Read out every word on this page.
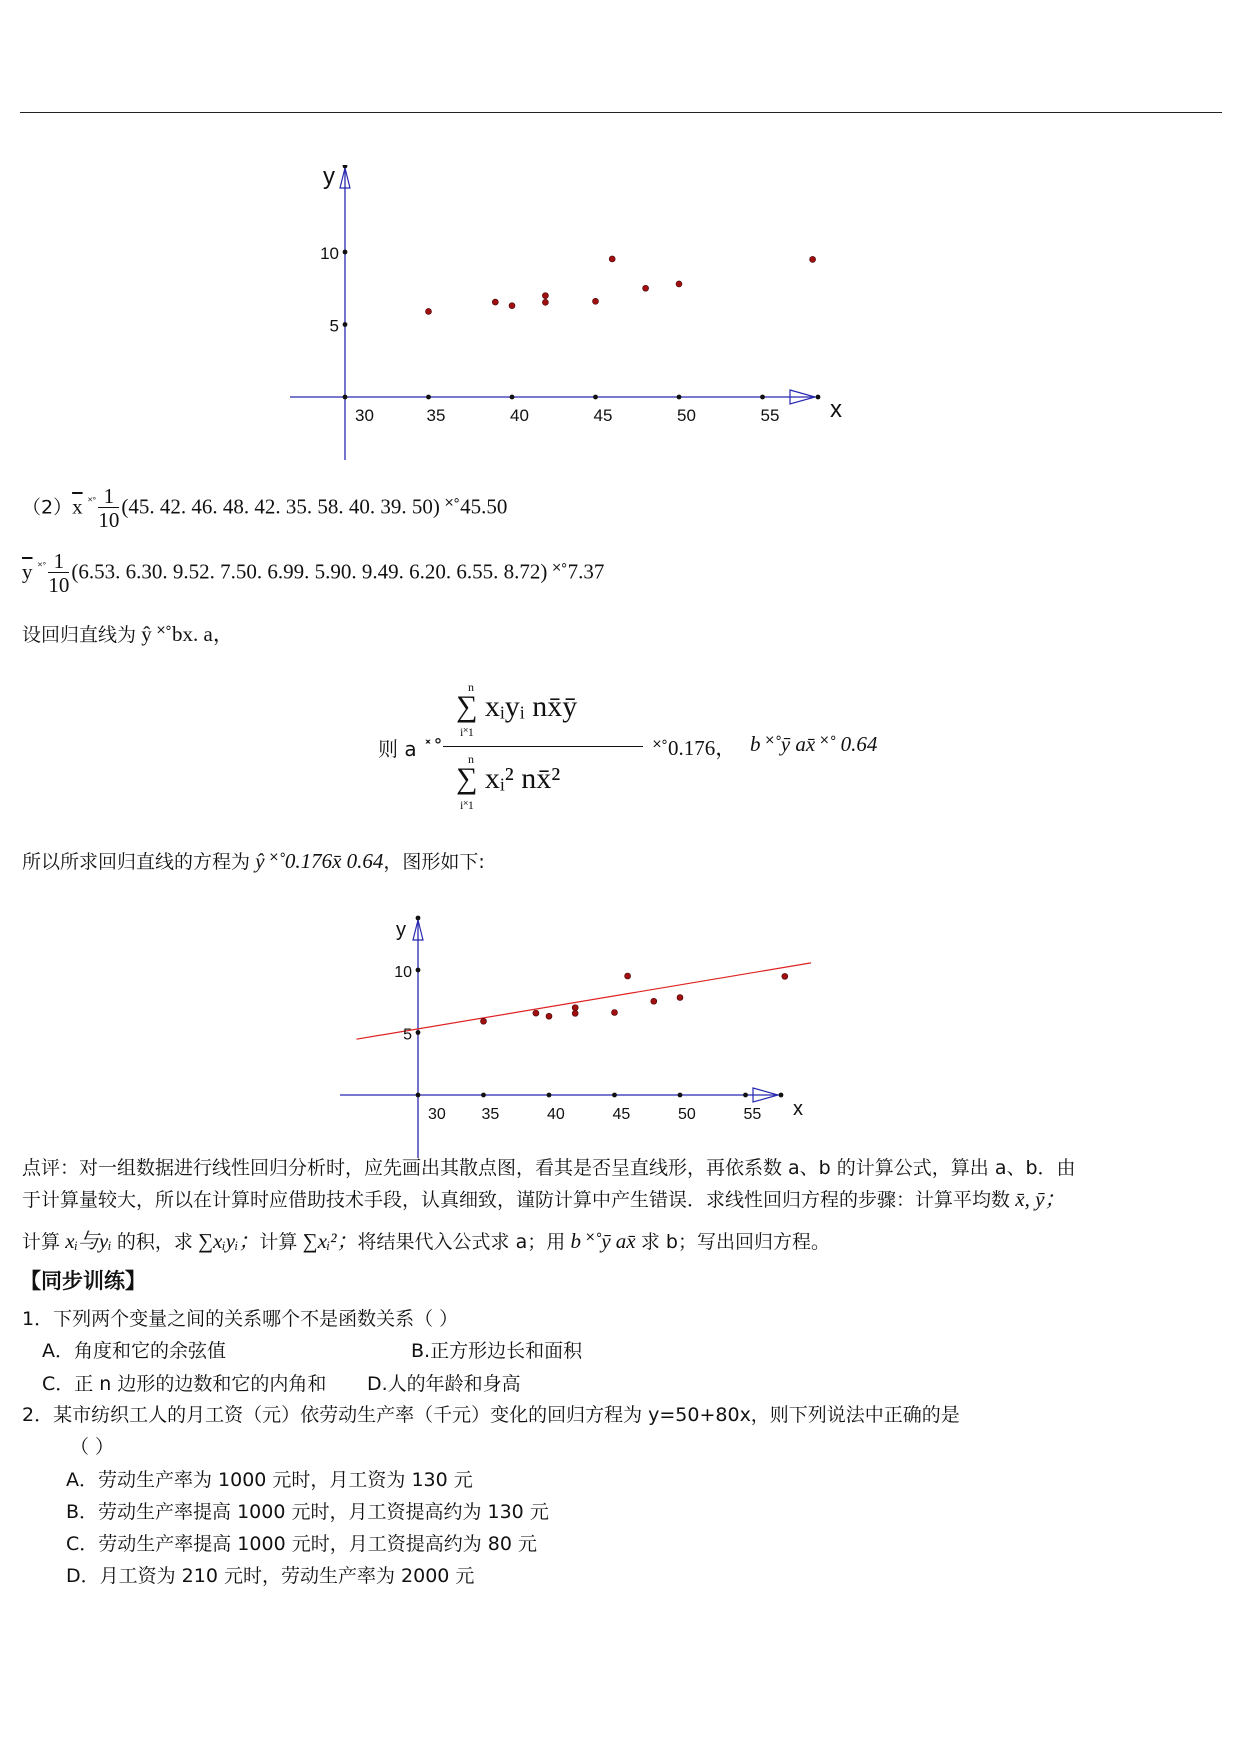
x
y
30	35	40	45	50	55
10
5
x
y
30 35	40	45	50	55
10
5
$(2)\overline{x}$ $^{˟˚} \frac{1}{10} (45$. 42. 46. 48. 42. 35. 58. 40. 39. 50) ˟˚45.50
$\overline{y}$ $^{˟˚} \frac{1}{10} (6.53$. 6.30. 9.52. 7.50. 6.99. 5.90. 9.49. 6.20. 6.55. 8.72) ˟˚7.37
设回归直线为 ŷ ˟˚bx. a，
则 a ˟˚
n
∑ xᵢyᵢ nx̄ȳ
i˟1
n
∑ xᵢ² nx̄²
i˟1
˟˚0.176， b ˟˚ȳ ax̄ ˟˚ 0.64
所以所求回归直线的方程为 ŷ ˟˚0.176x̄ 0.64，图形如下:
点评：对一组数据进行线性回归分析时，应先画出其散点图，看其是否呈直线形，再依系数 a、b 的计算公式，算出 a、b．由
于计算量较大，所以在计算时应借助技术手段，认真细致，谨防计算中产生错误．求线性回归方程的步骤：计算平均数 x̄, ȳ；
计算 xᵢ与yᵢ 的积，求 ∑xᵢyᵢ；计算 ∑xᵢ²；将结果代入公式求 a；用 b ˟˚ȳ ax̄ 求 b；写出回归方程。
【同步训练】
1．下列两个变量之间的关系哪个不是函数关系（ ）
A．角度和它的余弦值	B.正方形边长和面积
C．正 n 边形的边数和它的内角和 D.人的年龄和身高
2．某市纺织工人的月工资（元）依劳动生产率（千元）变化的回归方程为 y=50+80x，则下列说法中正确的是
（ ）
A．劳动生产率为 1000 元时，月工资为 130 元
B．劳动生产率提高 1000 元时，月工资提高约为 130 元
C．劳动生产率提高 1000 元时，月工资提高约为 80 元
D．月工资为 210 元时，劳动生产率为 2000 元
